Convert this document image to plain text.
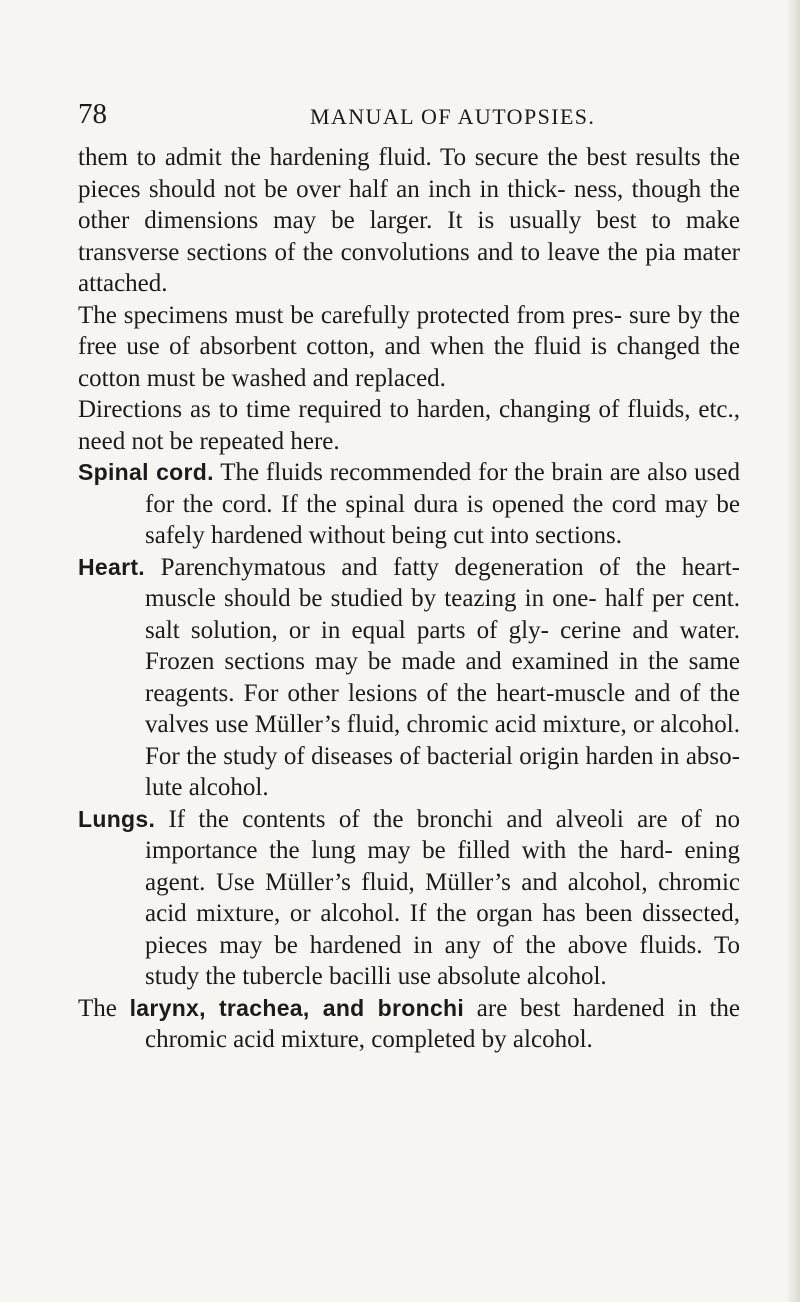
78	MANUAL OF AUTOPSIES.

them to admit the hardening fluid. To secure the best results the pieces should not be over half an inch in thick- ness, though the other dimensions may be larger. It is usually best to make transverse sections of the convolutions and to leave the pia mater attached.

The specimens must be carefully protected from pres- sure by the free use of absorbent cotton, and when the fluid is changed the cotton must be washed and replaced.

Directions as to time required to harden, changing of fluids, etc., need not be repeated here.

Spinal cord. The fluids recommended for the brain are also used for the cord. If the spinal dura is opened the cord may be safely hardened without being cut into sections.

Heart. Parenchymatous and fatty degeneration of the heart-muscle should be studied by teazing in one- half per cent. salt solution, or in equal parts of gly- cerine and water. Frozen sections may be made and examined in the same reagents. For other lesions of the heart-muscle and of the valves use Müller’s fluid, chromic acid mixture, or alcohol. For the study of diseases of bacterial origin harden in abso- lute alcohol.

Lungs. If the contents of the bronchi and alveoli are of no importance the lung may be filled with the hard- ening agent. Use Müller’s fluid, Müller’s and alcohol, chromic acid mixture, or alcohol. If the organ has been dissected, pieces may be hardened in any of the above fluids. To study the tubercle bacilli use absolute alcohol.

The larynx, trachea, and bronchi are best hardened in the chromic acid mixture, completed by alcohol.
